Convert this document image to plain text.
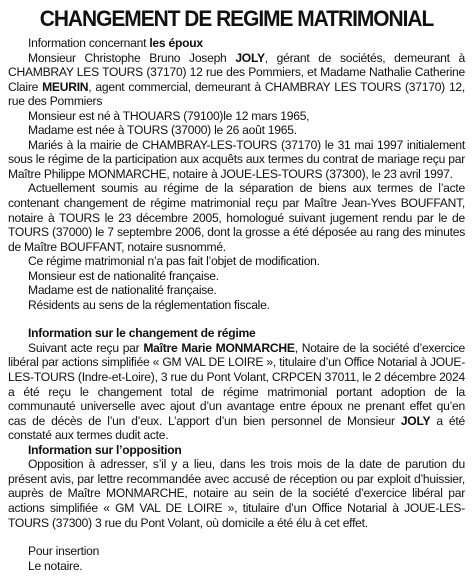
CHANGEMENT DE REGIME MATRIMONIAL

Information concernant les époux

Monsieur Christophe Bruno Joseph JOLY, gérant de sociétés, demeurant à CHAMBRAY LES TOURS (37170) 12 rue des Pommiers, et Madame Nathalie Catherine Claire MEURIN, agent commercial, demeurant à CHAMBRAY LES TOURS (37170) 12, rue des Pommiers

Monsieur est né à THOUARS (79100)le 12 mars 1965,

Madame est née à TOURS (37000) le 26 août 1965.

Mariés à la mairie de CHAMBRAY-LES-TOURS (37170) le 31 mai 1997 initialement sous le régime de la participation aux acquêts aux termes du contrat de mariage reçu par Maître Philippe MONMARCHE, notaire à JOUE-LES-TOURS (37300), le 23 avril 1997.

Actuellement soumis au régime de la séparation de biens aux termes de l’acte contenant changement de régime matrimonial reçu par Maître Jean-Yves BOUFFANT, notaire à TOURS le 23 décembre 2005, homologué suivant jugement rendu par le de TOURS (37000) le 7 septembre 2006, dont la grosse a été déposée au rang des minutes de Maître BOUFFANT, notaire susnommé.

Ce régime matrimonial n’a pas fait l’objet de modification.

Monsieur est de nationalité française.

Madame est de nationalité française.

Résidents au sens de la réglementation fiscale.

Information sur le changement de régime

Suivant acte reçu par Maître Marie MONMARCHE, Notaire de la société d’exercice libéral par actions simplifiée « GM VAL DE LOIRE », titulaire d’un Office Notarial à JOUE-LES-TOURS (Indre-et-Loire), 3 rue du Pont Volant, CRPCEN 37011, le 2 décembre 2024 a été reçu le changement total de régime matrimonial portant adoption de la communauté universelle avec ajout d’un avantage entre époux ne prenant effet qu’en cas de décès de l’un d’eux. L’apport d’un bien personnel de Monsieur JOLY a été constaté aux termes dudit acte.

Information sur l’opposition

Opposition à adresser, s’il y a lieu, dans les trois mois de la date de parution du présent avis, par lettre recommandée avec accusé de réception ou par exploit d’huissier, auprès de Maître MONMARCHE, notaire au sein de la société d’exercice libéral par actions simplifiée « GM VAL DE LOIRE », titulaire d’un Office Notarial à JOUE-LES-TOURS (37300) 3 rue du Pont Volant, où domicile a été élu à cet effet.

Pour insertion

Le notaire.
